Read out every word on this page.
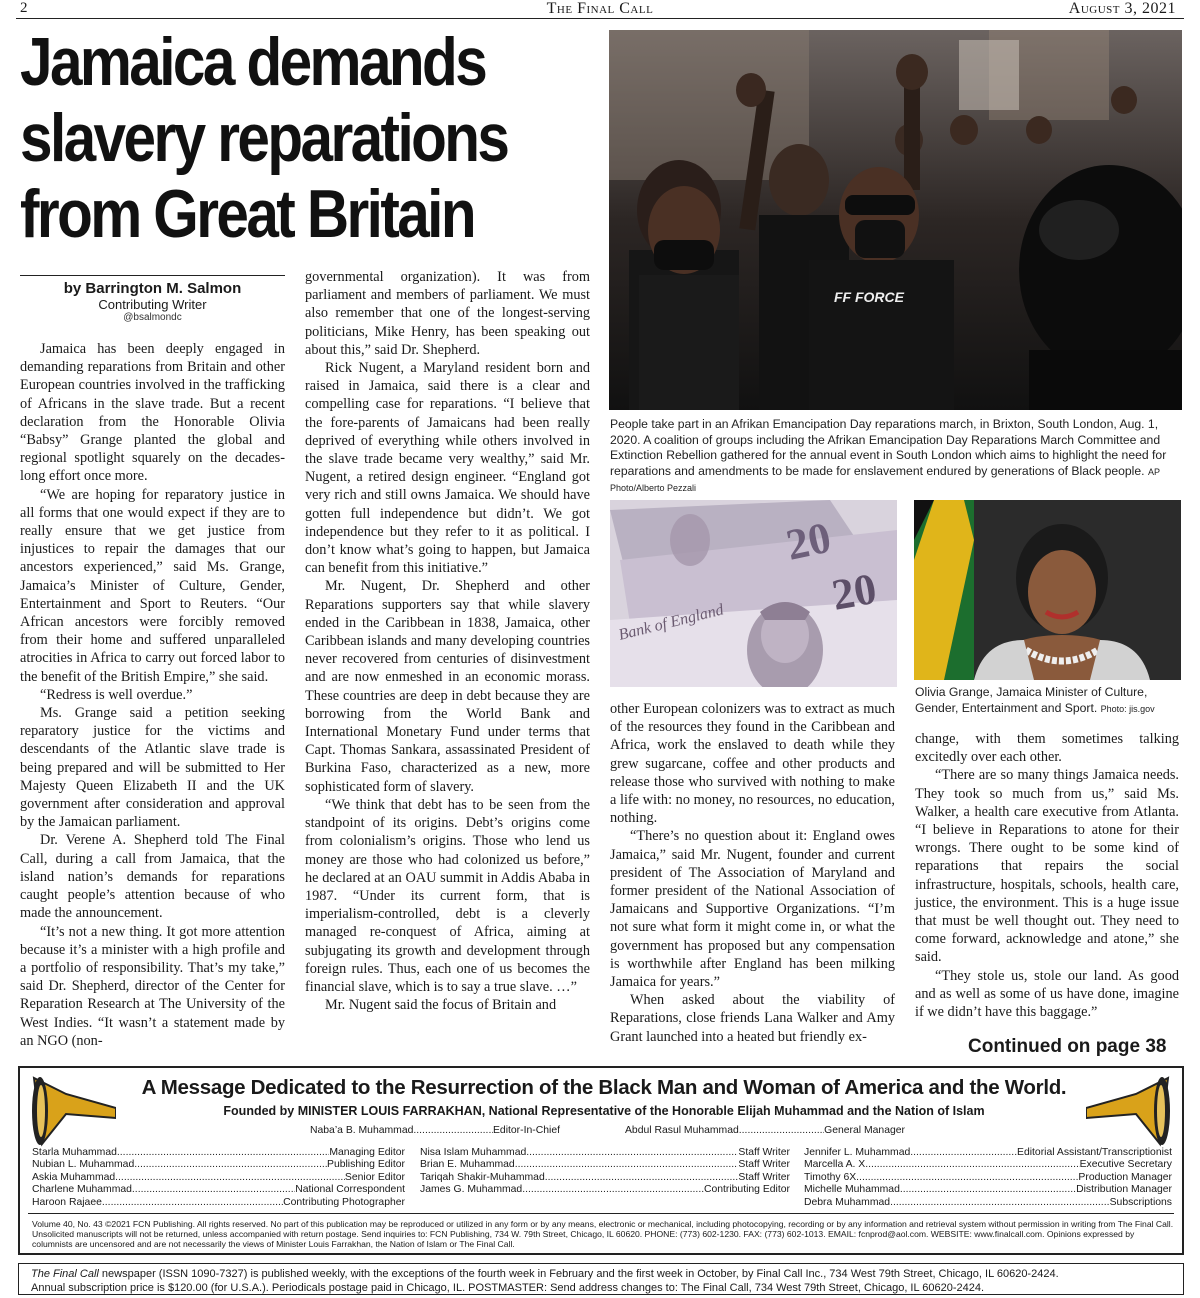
2	The Final Call	August 3, 2021
Jamaica demands
slavery reparations
from Great Britain
by Barrington M. Salmon
Contributing Writer
@bsalmondc

Jamaica has been deeply engaged in demanding reparations from Britain and other European countries involved in the trafficking of Africans in the slave trade. But a recent declaration from the Honorable Olivia “Babsy” Grange planted the global and regional spotlight squarely on the decades-long effort once more.

“We are hoping for reparatory justice in all forms that one would expect if they are to really ensure that we get justice from injustices to repair the damages that our ancestors experienced,” said Ms. Grange, Jamaica’s Minister of Culture, Gender, Entertainment and Sport to Reuters. “Our African ancestors were forcibly removed from their home and suffered unparalleled atrocities in Africa to carry out forced labor to the benefit of the British Empire,” she said.

“Redress is well overdue.”

Ms. Grange said a petition seeking reparatory justice for the victims and descendants of the Atlantic slave trade is being prepared and will be submitted to Her Majesty Queen Elizabeth II and the UK government after consideration and approval by the Jamaican parliament.

Dr. Verene A. Shepherd told The Final Call, during a call from Jamaica, that the island nation’s demands for reparations caught people’s attention because of who made the announcement.

“It’s not a new thing. It got more attention because it’s a minister with a high profile and a portfolio of responsibility. That’s my take,” said Dr. Shepherd, director of the Center for Reparation Research at The University of the West Indies. “It wasn’t a statement made by an NGO (non-

governmental organization). It was from parliament and members of parliament. We must also remember that one of the longest-serving politicians, Mike Henry, has been speaking out about this,” said Dr. Shepherd.

Rick Nugent, a Maryland resident born and raised in Jamaica, said there is a clear and compelling case for reparations. “I believe that the fore-parents of Jamaicans had been really deprived of everything while others involved in the slave trade became very wealthy,” said Mr. Nugent, a retired design engineer. “England got very rich and still owns Jamaica. We should have gotten full independence but didn’t. We got independence but they refer to it as political. I don’t know what’s going to happen, but Jamaica can benefit from this initiative.”

Mr. Nugent, Dr. Shepherd and other Reparations supporters say that while slavery ended in the Caribbean in 1838, Jamaica, other Caribbean islands and many developing countries never recovered from centuries of disinvestment and are now enmeshed in an economic morass. These countries are deep in debt because they are borrowing from the World Bank and International Monetary Fund under terms that Capt. Thomas Sankara, assassinated President of Burkina Faso, characterized as a new, more sophisticated form of slavery.

“We think that debt has to be seen from the standpoint of its origins. Debt’s origins come from colonialism’s origins. Those who lend us money are those who had colonized us before,” he declared at an OAU summit in Addis Ababa in 1987. “Under its current form, that is imperialism-controlled, debt is a cleverly managed re-conquest of Africa, aiming at subjugating its growth and development through foreign rules. Thus, each one of us becomes the financial slave, which is to say a true slave. …”

Mr. Nugent said the focus of Britain and

other European colonizers was to extract as much of the resources they found in the Caribbean and Africa, work the enslaved to death while they grew sugarcane, coffee and other products and release those who survived with nothing to make a life with: no money, no resources, no education, nothing.

“There’s no question about it: England owes Jamaica,” said Mr. Nugent, founder and current president of The Association of Maryland and former president of the National Association of Jamaicans and Supportive Organizations. “I’m not sure what form it might come in, or what the government has proposed but any compensation is worthwhile after England has been milking Jamaica for years.”

When asked about the viability of Reparations, close friends Lana Walker and Amy Grant launched into a heated but friendly ex-

change, with them sometimes talking excitedly over each other.

“There are so many things Jamaica needs. They took so much from us,” said Ms. Walker, a health care executive from Atlanta. “I believe in Reparations to atone for their wrongs. There ought to be some kind of reparations that repairs the social infrastructure, hospitals, schools, health care, justice, the environment. This is a huge issue that must be well thought out. They need to come forward, acknowledge and atone,” she said.

“They stole us, stole our land. As good and as well as some of us have done, imagine if we didn’t have this baggage.”

FF FORCE
People take part in an Afrikan Emancipation Day reparations march, in Brixton, South London, Aug. 1, 2020. A coalition of groups including the Afrikan Emancipation Day Reparations March Committee and Extinction Rebellion gathered for the annual event in South London which aims to highlight the need for reparations and amendments to be made for enslavement endured by generations of Black people. AP Photo/Alberto Pezzali
20
20
Bank of England
Olivia Grange, Jamaica Minister of Culture, Gender, Entertainment and Sport. Photo: jis.gov
Continued on page 38
A Message Dedicated to the Resurrection of the Black Man and Woman of America and the World.
Founded by MINISTER LOUIS FARRAKHAN, National Representative of the Honorable Elijah Muhammad and the Nation of Islam
Naba’a B. Muhammad .....	Editor-In-Chief	Abdul Rasul Muhammad .....	General Manager
Starla Muhammad .....	Managing Editor
Nubian L. Muhammad .....	Publishing Editor
Askia Muhammad .....	Senior Editor
Charlene Muhammad .....	National Correspondent
Haroon Rajaee .....	Contributing Photographer
Nisa Islam Muhammad .....	Staff Writer
Brian E. Muhammad .....	Staff Writer
Tariqah Shakir-Muhammad .....	Staff Writer
James G. Muhammad .....	Contributing Editor
Jennifer L. Muhammad .....	Editorial Assistant/Transcriptionist
Marcella A. X .....	Executive Secretary
Timothy 6X .....	Production Manager
Michelle Muhammad .....	Distribution Manager
Debra Muhammad .....	Subscriptions
Volume 40, No. 43 ©2021 FCN Publishing. All rights reserved. No part of this publication may be reproduced or utilized in any form or by any means, electronic or mechanical, including photocopying, recording or by any information and retrieval system without permission in writing from The Final Call. Unsolicited manuscripts will not be returned, unless accompanied with return postage. Send inquiries to: FCN Publishing, 734 W. 79th Street, Chicago, IL 60620. PHONE: (773) 602-1230. FAX: (773) 602-1013. EMAIL: fcnprod@aol.com. WEBSITE: www.finalcall.com. Opinions expressed by columnists are uncensored and are not necessarily the views of Minister Louis Farrakhan, the Nation of Islam or The Final Call.
The Final Call newspaper (ISSN 1090-7327) is published weekly, with the exceptions of the fourth week in February and the first week in October, by Final Call Inc., 734 West 79th Street, Chicago, IL 60620-2424.
Annual subscription price is $120.00 (for U.S.A.). Periodicals postage paid in Chicago, IL. POSTMASTER: Send address changes to: The Final Call, 734 West 79th Street, Chicago, IL 60620-2424.
